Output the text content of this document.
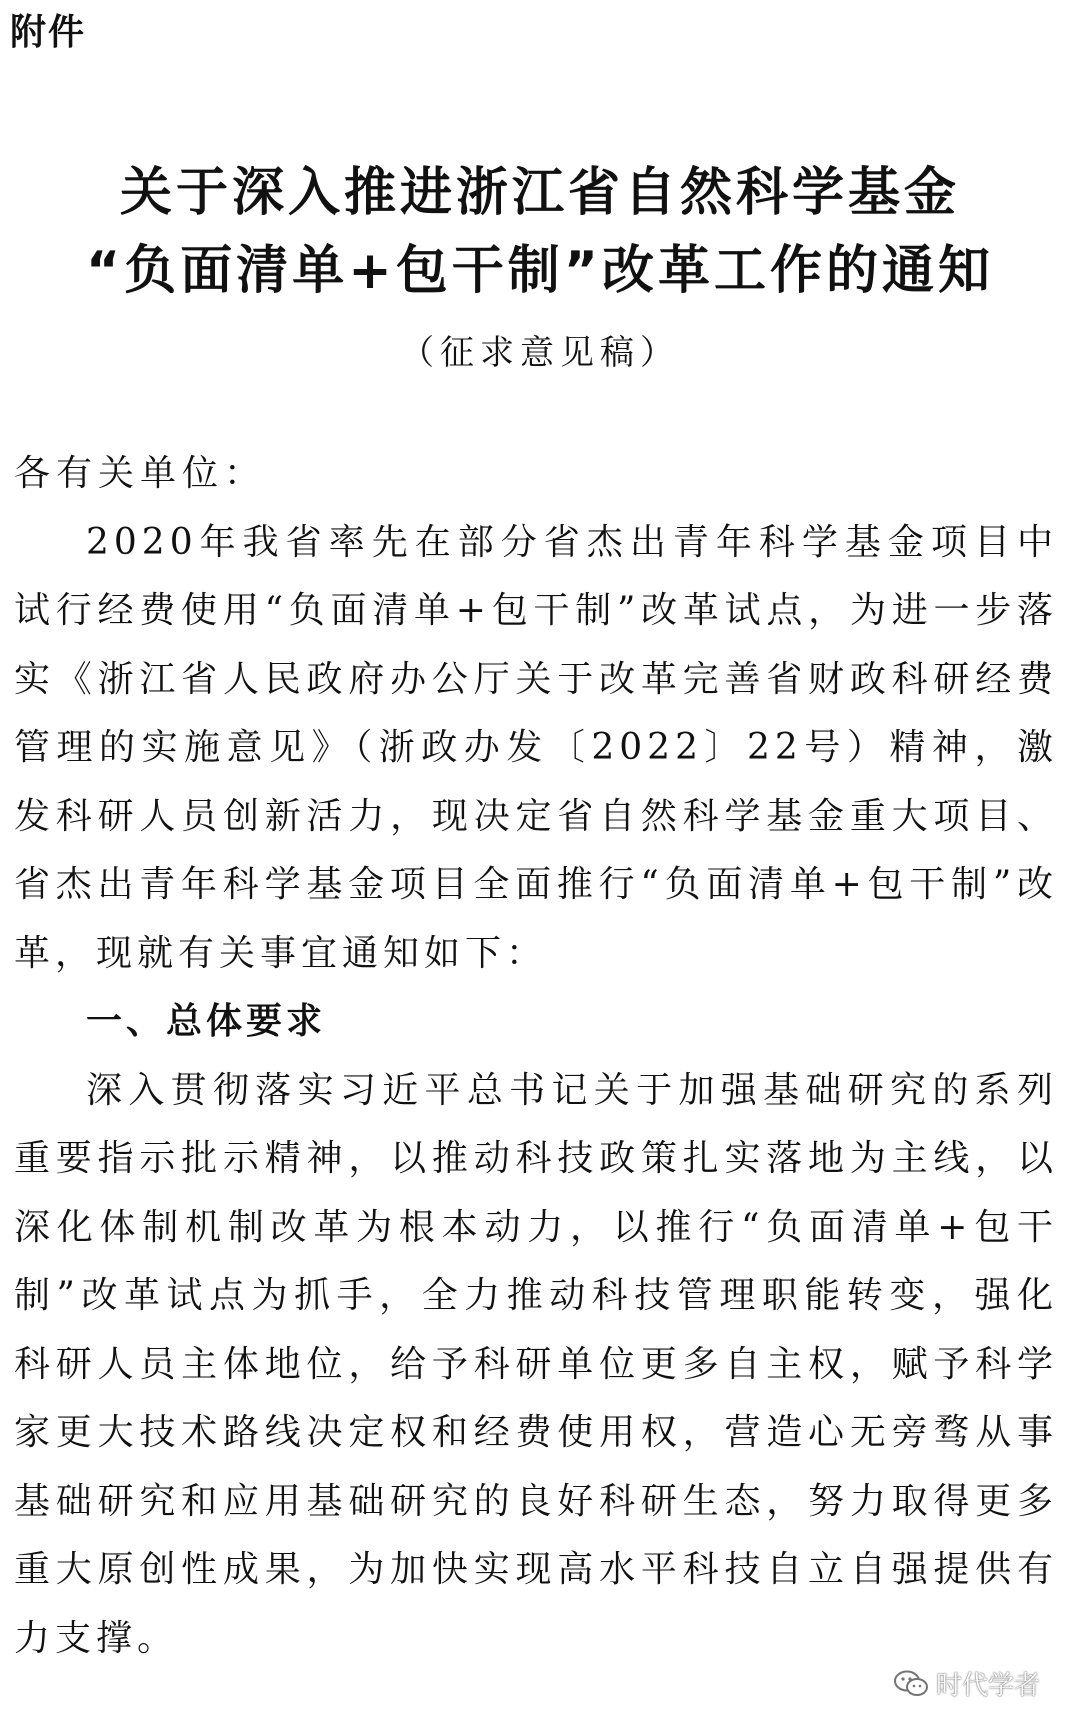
附件
关于深入推进浙江省自然科学基金
“负面清单+包干制”改革工作的通知
（征求意见稿）

各有关单位：

2020年我省率先在部分省杰出青年科学基金项目中试行经费使用“负面清单+包干制”改革试点，为进一步落实《浙江省人民政府办公厅关于改革完善省财政科研经费管理的实施意见》（浙政办发〔2022〕22号）精神，激发科研人员创新活力，现决定省自然科学基金重大项目、省杰出青年科学基金项目全面推行“负面清单+包干制”改革，现就有关事宜通知如下：

一、总体要求

深入贯彻落实习近平总书记关于加强基础研究的系列重要指示批示精神，以推动科技政策扎实落地为主线，以深化体制机制改革为根本动力，以推行“负面清单+包干制”改革试点为抓手，全力推动科技管理职能转变，强化科研人员主体地位，给予科研单位更多自主权，赋予科学家更大技术路线决定权和经费使用权，营造心无旁骛从事基础研究和应用基础研究的良好科研生态，努力取得更多重大原创性成果，为加快实现高水平科技自立自强提供有力支撑。

时代学者
